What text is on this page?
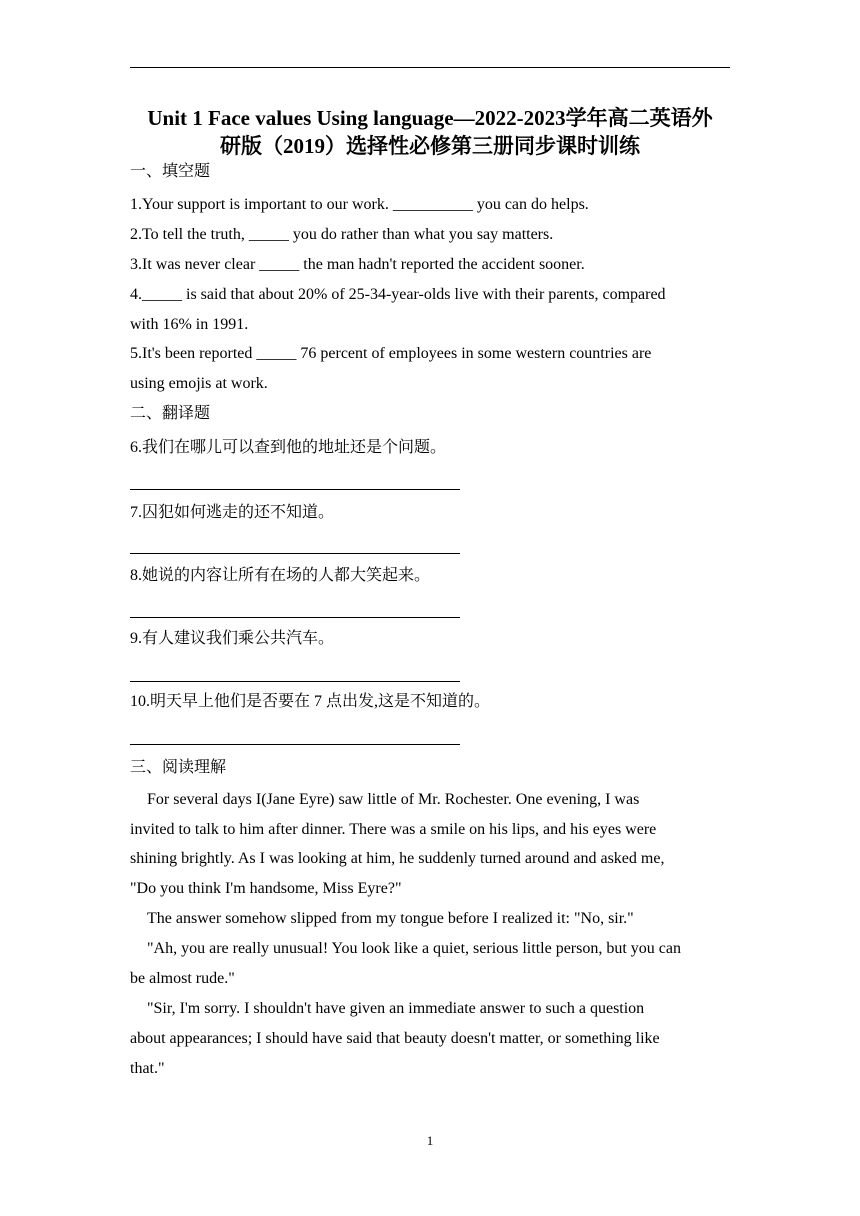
Unit 1 Face values Using language—2022-2023学年高二英语外
研版（2019）选择性必修第三册同步课时训练
一、填空题
1.Your support is important to our work. __________ you can do helps.
2.To tell the truth, _____ you do rather than what you say matters.
3.It was never clear _____ the man hadn't reported the accident sooner.
4._____ is said that about 20% of 25-34-year-olds live with their parents, compared
with 16% in 1991.
5.It's been reported _____ 76 percent of employees in some western countries are
using emojis at work.
二、翻译题
6.我们在哪儿可以查到他的地址还是个问题。
7.囚犯如何逃走的还不知道。
8.她说的内容让所有在场的人都大笑起来。
9.有人建议我们乘公共汽车。
10.明天早上他们是否要在 7 点出发,这是不知道的。
三、阅读理解
For several days I(Jane Eyre) saw little of Mr. Rochester. One evening, I was
invited to talk to him after dinner. There was a smile on his lips, and his eyes were
shining brightly. As I was looking at him, he suddenly turned around and asked me,
"Do you think I'm handsome, Miss Eyre?"
The answer somehow slipped from my tongue before I realized it: "No, sir."
"Ah, you are really unusual! You look like a quiet, serious little person, but you can
be almost rude."
"Sir, I'm sorry. I shouldn't have given an immediate answer to such a question
about appearances; I should have said that beauty doesn't matter, or something like
that."
1
